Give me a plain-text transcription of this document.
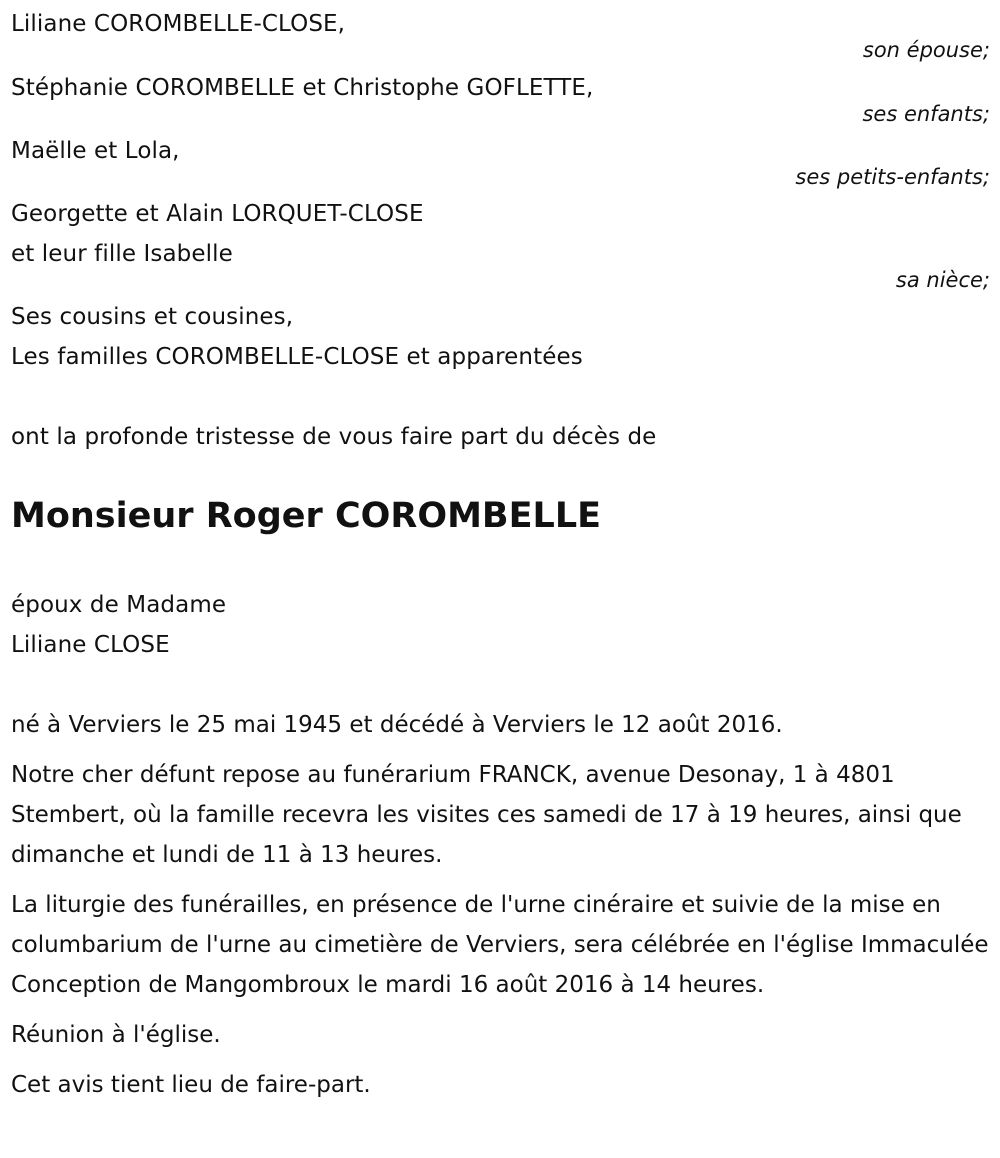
Liliane COROMBELLE-CLOSE,
son épouse;
Stéphanie COROMBELLE et Christophe GOFLETTE,
ses enfants;
Maëlle et Lola,
ses petits-enfants;
Georgette et Alain LORQUET-CLOSE
et leur fille Isabelle
sa nièce;
Ses cousins et cousines,
Les familles COROMBELLE-CLOSE et apparentées
ont la profonde tristesse de vous faire part du décès de
Monsieur Roger COROMBELLE
époux de Madame
Liliane CLOSE

né à Verviers le 25 mai 1945 et décédé à Verviers le 12 août 2016.

Notre cher défunt repose au funérarium FRANCK, avenue Desonay, 1 à 4801 Stembert, où la famille recevra les visites ces samedi de 17 à 19 heures, ainsi que dimanche et lundi de 11 à 13 heures.

La liturgie des funérailles, en présence de l'urne cinéraire et suivie de la mise en columbarium de l'urne au cimetière de Verviers, sera célébrée en l'église Immaculée Conception de Mangombroux le mardi 16 août 2016 à 14 heures.

Réunion à l'église.

Cet avis tient lieu de faire-part.
